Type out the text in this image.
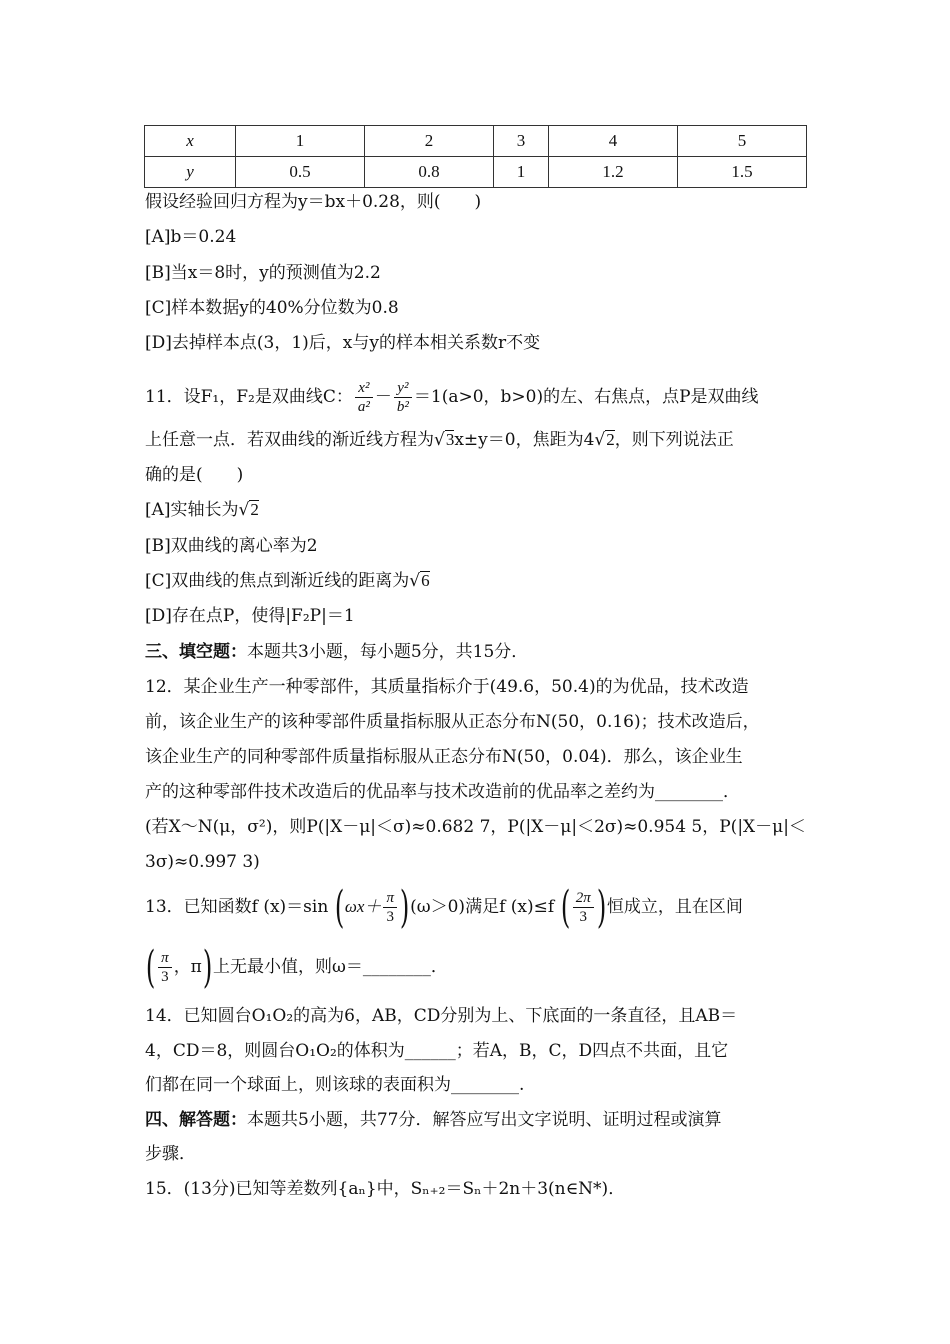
x	1	2	3	4	5
y	0.5	0.8	1	1.2	1.5
假设经验回归方程为y＝bx＋0.28，则(　　)
[A]b＝0.24
[B]当x＝8时，y的预测值为2.2
[C]样本数据y的40%分位数为0.8
[D]去掉样本点(3，1)后，x与y的样本相关系数r不变
11．设F₁，F₂是双曲线C： $\frac{\text{x²}}{\text{a²}} - \frac{\text{y²}}{\text{b²}} =1(a>0$，b>0)的左、右焦点，点P是双曲线
上任意一点．若双曲线的渐近线方程为√3x±y＝0，焦距为4√2，则下列说法正
确的是(　　)
[A]实轴长为√2
[B]双曲线的离心率为2
[C]双曲线的焦点到渐近线的距离为√6
[D]存在点P，使得|F₂P|＝1
三、填空题：本题共3小题，每小题5分，共15分．
12．某企业生产一种零部件，其质量指标介于(49.6，50.4)的为优品，技术改造
前，该企业生产的该种零部件质量指标服从正态分布N(50，0.16)；技术改造后，
该企业生产的同种零部件质量指标服从正态分布N(50，0.04)．那么，该企业生
产的这种零部件技术改造后的优品率与技术改造前的优品率之差约为________．
(若X～N(μ，σ²)，则P(|X－μ|＜σ)≈0.682 7，P(|X－μ|＜2σ)≈0.954 5，P(|X－μ|＜
3σ)≈0.997 3)
13．已知函数f (x)＝sin $(\omega x+ \frac{\pi}{3} )(\omega>0)$满足f (x)≤f ( $\frac{2\pi}{3}$ )恒成立，且在区间
( $\frac{\pi}{3}$ ，π)上无最小值，则ω＝________．
14．已知圆台O₁O₂的高为6，AB，CD分别为上、下底面的一条直径，且AB＝
4，CD＝8，则圆台O₁O₂的体积为______；若A，B，C，D四点不共面，且它
们都在同一个球面上，则该球的表面积为________.
四、解答题：本题共5小题，共77分．解答应写出文字说明、证明过程或演算
步骤．
15．(13分)已知等差数列{aₙ}中，Sₙ₊₂＝Sₙ＋2n＋3(n∈N*)．
